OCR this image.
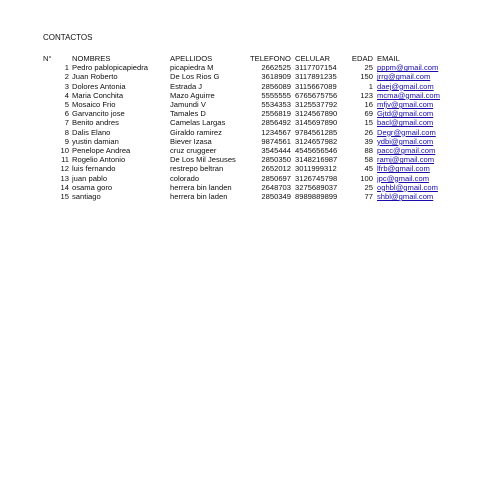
CONTACTOS
N°	NOMBRES	APELLIDOS	TELEFONO	CELULAR	EDAD	EMAIL
1	Pedro pablopicapiedra	picapiedra M	2662525	3117707154	25	pppm@gmail.com
2	Juan Roberto	De Los Rios G	3618909	3117891235	150	jrrg@gmail.com
3	Dolores Antonia	Estrada J	2856089	3115667089	1	daej@gmail.com
4	Maria Conchita	Mazo Aguirre	5555555	6765675756	123	mcma@gmail.com
5	Mosaico Frio	Jamundi V	5534353	3125537792	16	mfjv@gmail.com
6	Garvancito jose	Tamales D	2556819	3124567890	69	Gjtd@gmail.com
7	Benito andres	Camelas Largas	2856492	3145697890	15	bacl@gmail.com
8	Dalis Elano	Giraldo ramirez	1234567	9784561285	26	Degr@gmail.com
9	yustin damian	Biever Izasa	9874561	3124657982	39	ydbi@gmail.com
10	Penelope Andrea	cruz cruggeer	3545444	4545656546	88	pacc@gmail.com
11	Rogelio Antonio	De Los Mil Jesuses	2850350	3148216987	58	ramj@gmail.com
12	luis fernando	restrepo beltran	2652012	3011999312	45	lfrb@gmail.com
13	juan pablo	colorado	2850697	3126745798	100	jpc@gmail.com
14	osama goro	herrera bin landen	2648703	3275689037	25	oghbl@gmail.com
15	santiago	herrera bin laden	2850349	8989889899	77	shbl@gmail.com
